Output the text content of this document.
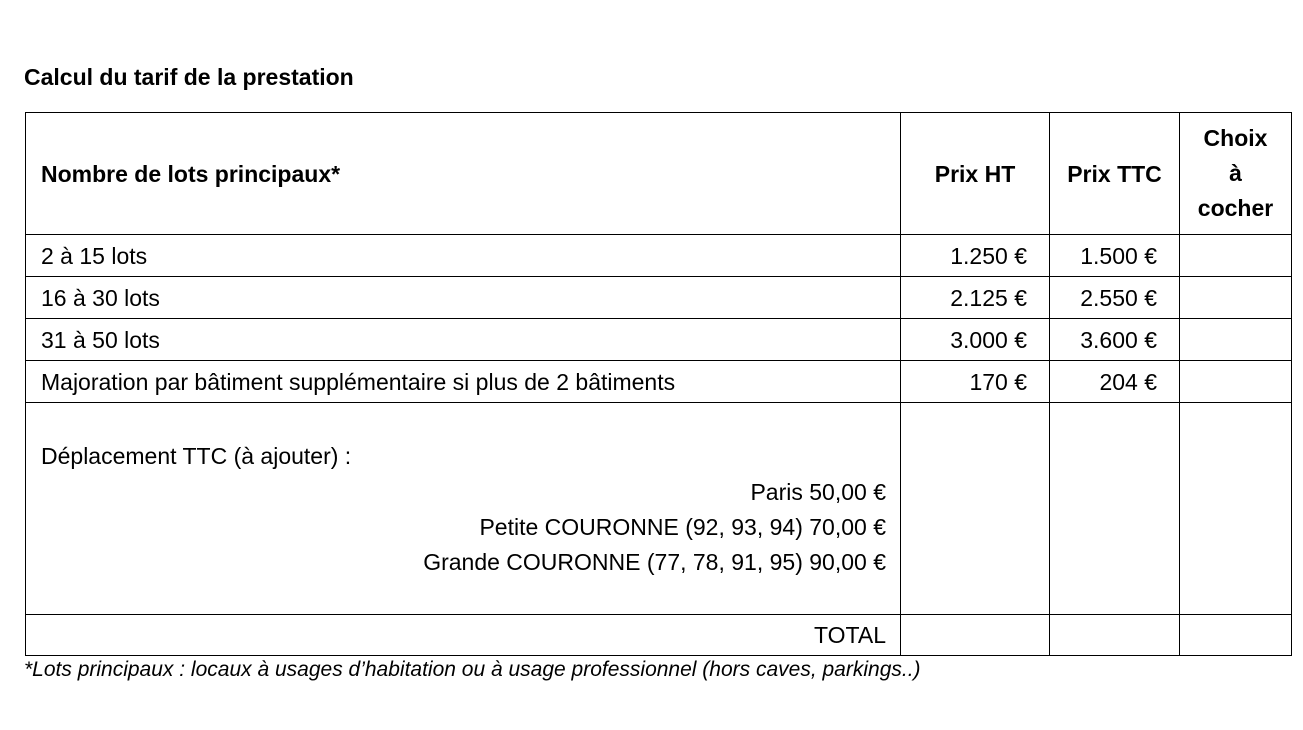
Calcul du tarif de la prestation
Nombre de lots principaux*	Prix HT	Prix TTC	Choix
à
cocher

2 à 15 lots	1.250 €	1.500 €	
16 à 30 lots	2.125 €	2.550 €	
31 à 50 lots	3.000 €	3.600 €	
Majoration par bâtiment supplémentaire si plus de 2 bâtiments	170 €	204 €	

Déplacement TTC (à ajouter) :
Paris 50,00 €
Petite COURONNE (92, 93, 94) 70,00 €
Grande COURONNE (77, 78, 91, 95) 90,00 €			

TOTAL			
*Lots principaux : locaux à usages d’habitation ou à usage professionnel (hors caves, parkings..)
